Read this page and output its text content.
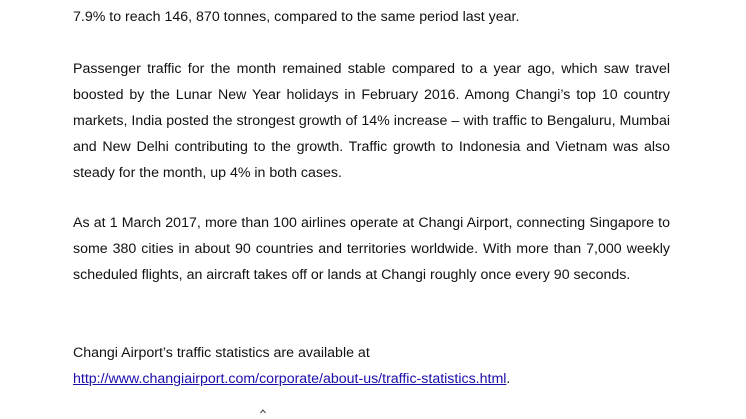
7.9% to reach 146, 870 tonnes, compared to the same period last year.

Passenger traffic for the month remained stable compared to a year ago, which saw travel boosted by the Lunar New Year holidays in February 2016. Among Changi’s top 10 country markets, India posted the strongest growth of 14% increase – with traffic to Bengaluru, Mumbai and New Delhi contributing to the growth. Traffic growth to Indonesia and Vietnam was also steady for the month, up 4% in both cases.

As at 1 March 2017, more than 100 airlines operate at Changi Airport, connecting Singapore to some 380 cities in about 90 countries and territories worldwide. With more than 7,000 weekly scheduled flights, an aircraft takes off or lands at Changi roughly once every 90 seconds.

Changi Airport’s traffic statistics are available at
http://www.changiairport.com/corporate/about-us/traffic-statistics.html.
